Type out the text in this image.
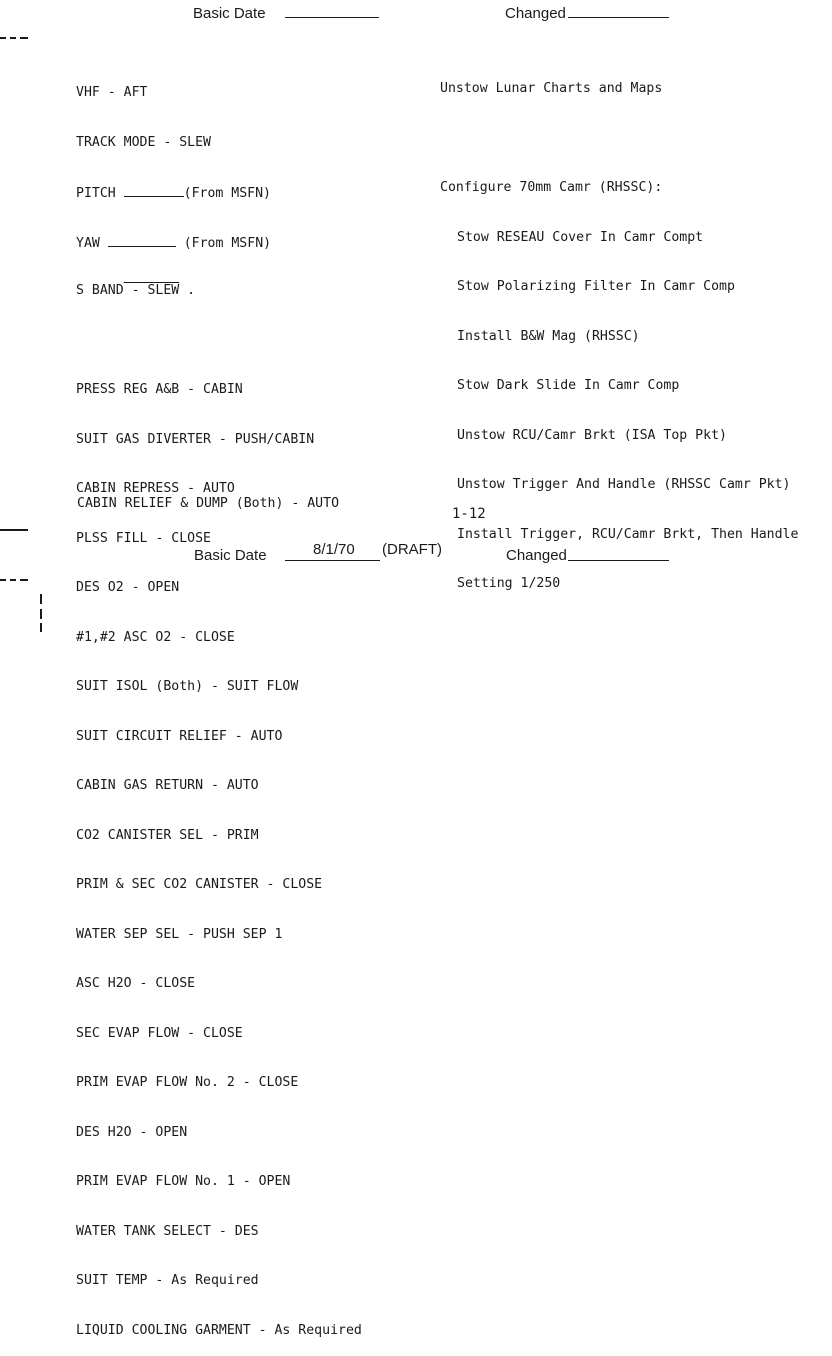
Basic Date	Changed

VHF - AFT

TRACK MODE - SLEW

PITCH	(From MSFN)

YAW	(From MSFN)

S BAND - SLEW .

PRESS REG A&B - CABIN

SUIT GAS DIVERTER - PUSH/CABIN

CABIN REPRESS - AUTO

PLSS FILL - CLOSE

DES O2 - OPEN

#1,#2 ASC O2 - CLOSE

SUIT ISOL (Both) - SUIT FLOW

SUIT CIRCUIT RELIEF - AUTO

CABIN GAS RETURN - AUTO

CO2 CANISTER SEL - PRIM

PRIM & SEC CO2 CANISTER - CLOSE

WATER SEP SEL - PUSH SEP 1

ASC H2O - CLOSE

SEC EVAP FLOW - CLOSE

PRIM EVAP FLOW No. 2 - CLOSE

DES H2O - OPEN

PRIM EVAP FLOW No. 1 - OPEN

WATER TANK SELECT - DES

SUIT TEMP - As Required

LIQUID COOLING GARMENT - As Required

CABIN RELIEF & DUMP (Both) - AUTO

Unstow Lunar Charts and Maps

Configure 70mm Camr (RHSSC):

Stow RESEAU Cover In Camr Compt

Stow Polarizing Filter In Camr Comp

Install B&W Mag (RHSSC)

Stow Dark Slide In Camr Comp

Unstow RCU/Camr Brkt (ISA Top Pkt)

Unstow Trigger And Handle (RHSSC Camr Pkt)

Install Trigger, RCU/Camr Brkt, Then Handle

Setting 1/250

1-12
Basic Date	8/1/70 (DRAFT)	Changed
